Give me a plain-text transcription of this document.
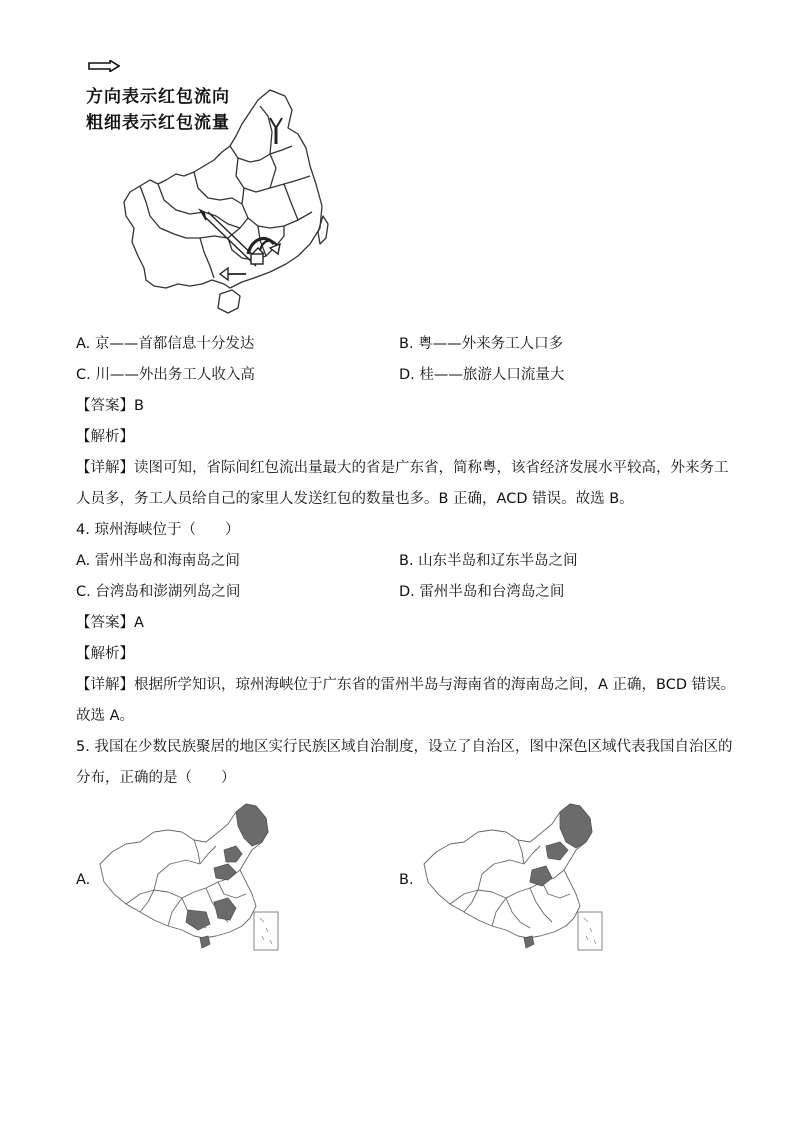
方向表示红包流向
粗细表示红包流量
A. 京——首都信息十分发达	B. 粤——外来务工人口多
C. 川——外出务工人收入高	D. 桂——旅游人口流量大
【答案】B
【解析】
【详解】读图可知，省际间红包流出量最大的省是广东省，简称粤，该省经济发展水平较高，外来务工
人员多，务工人员给自己的家里人发送红包的数量也多。B 正确，ACD 错误。故选 B。
4. 琼州海峡位于（　　）
A. 雷州半岛和海南岛之间	B. 山东半岛和辽东半岛之间
C. 台湾岛和澎湖列岛之间	D. 雷州半岛和台湾岛之间
【答案】A
【解析】
【详解】根据所学知识，琼州海峡位于广东省的雷州半岛与海南省的海南岛之间，A 正确，BCD 错误。
故选 A。
5. 我国在少数民族聚居的地区实行民族区域自治制度，设立了自治区，图中深色区域代表我国自治区的
分布，正确的是（　　）
A.	B.
